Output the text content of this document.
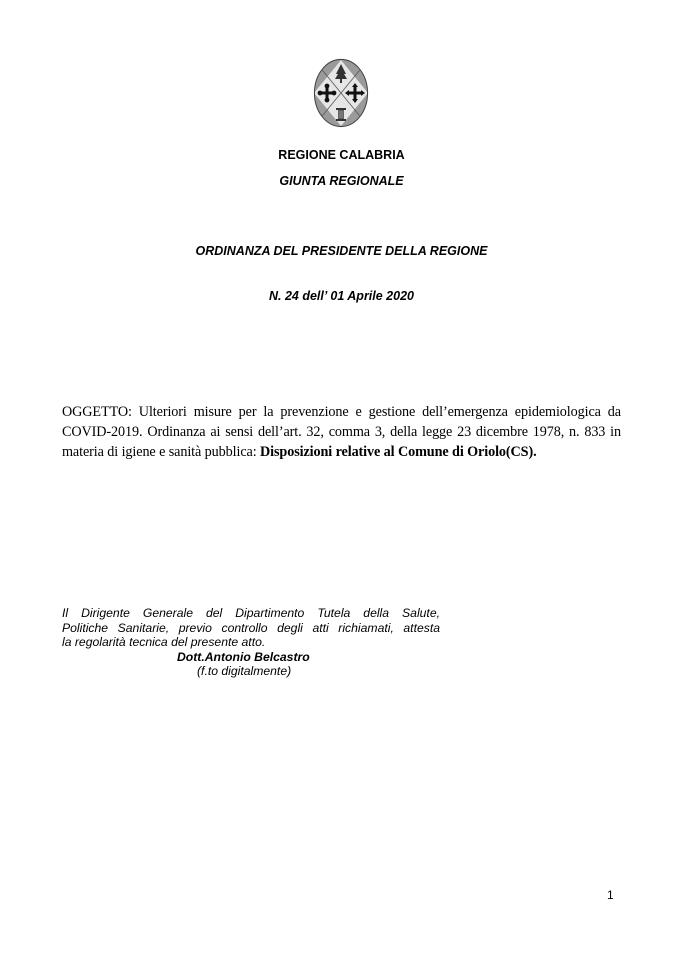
REGIONE CALABRIA
GIUNTA REGIONALE
ORDINANZA DEL PRESIDENTE DELLA REGIONE
N. 24 dell’ 01 Aprile 2020
OGGETTO: Ulteriori misure per la prevenzione e gestione dell’emergenza epidemiologica da
COVID-2019. Ordinanza ai sensi dell’art. 32, comma 3, della legge 23 dicembre 1978, n. 833 in
materia di igiene e sanità pubblica: Disposizioni relative al Comune di Oriolo(CS).
Il Dirigente Generale del Dipartimento Tutela della Salute,
Politiche Sanitarie, previo controllo degli atti richiamati, attesta
la regolarità tecnica del presente atto.
Dott.Antonio Belcastro
(f.to digitalmente)
1
